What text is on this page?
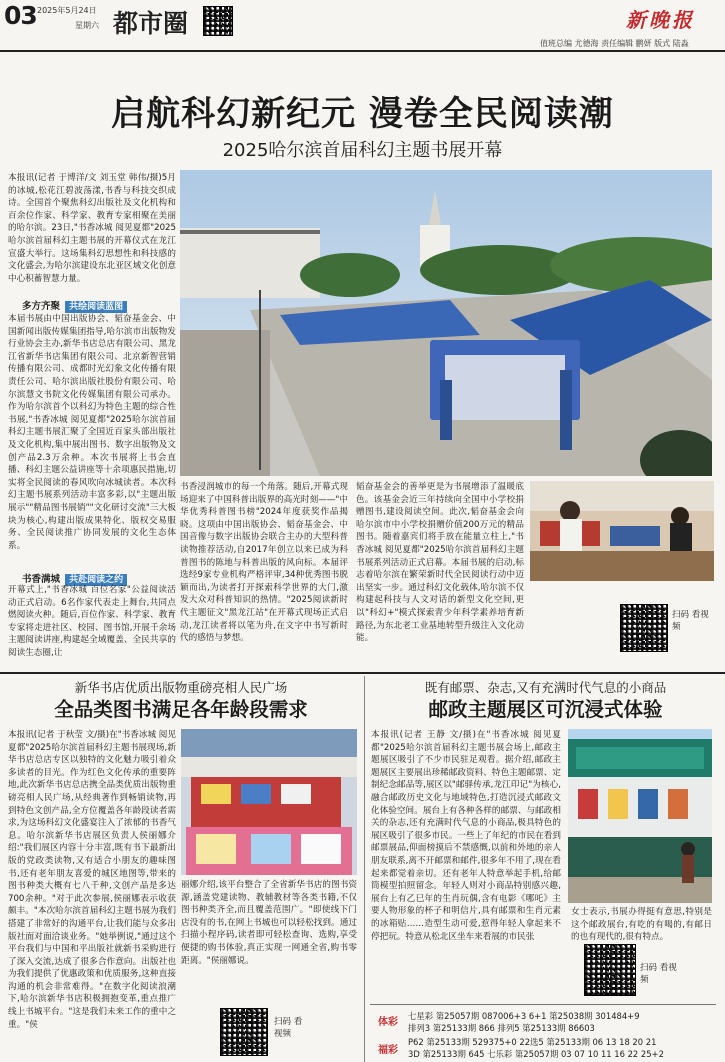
03 2025年5月24日
星期六 都市圈	新晚报
值班总编 尤德海 责任编辑 鹏妍 版式 陆淼
启航科幻新纪元 漫卷全民阅读潮
2025哈尔滨首届科幻主题书展开幕

本报讯(记者 于博洋/文 刘玉堂 韩伟/摄)5月的冰城,松花江碧波荡漾,书香与科技交织成诗。全国首个聚焦科幻出版社及文化机构和百余位作家、科学家、教育专家相聚在美丽的哈尔滨。23日,"书香冰城 阅见夏都"2025哈尔滨首届科幻主题书展的开幕仪式在龙江宣盛大举行。这场集科幻思想性和科技感的文化盛会,为哈尔滨建设东北亚区域文化创意中心积蓄智慧力量。

多方齐聚 共绘阅读蓝图

本届书展由中国出版协会、韬奋基金会、中国新闻出版传媒集团指导,哈尔滨市出版物发行业协会主办,新华书店总店有限公司、黑龙江省新华书店集团有限公司、北京新智营销传播有限公司、成都时光幻象文化传播有限责任公司、哈尔滨出版社股份有限公司、哈尔滨慧文书院文化传媒集团有限公司承办。作为哈尔滨首个以科幻为特色主题的综合性书展,"书香冰城 阅见夏都"2025哈尔滨首届科幻主题书展汇聚了全国近百家头部出版社及文化机构,集中展出图书、数字出版物及文创产品2.3万余种。本次书展将上书会直播、科幻主题公益讲座等十余项惠民措施,切实将全民阅读的春风吹向冰城读者。本次科幻主题书展系列活动丰富多彩,以"主题出版展示""精品图书展销""文化研讨交流"三大板块为核心,构建出版成果特化、版权交易服务、全民阅读推广协同发展的文化生态体系。

书香满城 共赴阅读之约

开幕式上,"书香冰城 百位名家"公益阅读活动正式启动。6名作家代表走上舞台,共同点燃阅读火种。随后,百位作家、科学家、教育专家将走进社区、校园、图书馆,开展千余场主题阅读讲座,构建起全域覆盖、全民共享的阅读生态圈,让

书香浸润城市的每一个角落。随后,开幕式现场迎来了中国科普出版界的高光时刻——"中华优秀科普图书榜"2024年度获奖作品揭晓。这项由中国出版协会、韬奋基金会、中国音像与数字出版协会联合主办的大型科普读物推荐活动,自2017年创立以来已成为科普图书的陈地与科普出版的风向标。本届评选经9家专业机构严格评审,34种优秀图书脱颖而出,为读者打开探索科学世界的大门,激发大众对科普知识的热情。"2025阅读新时代主题征文"黑龙江站"在开幕式现场正式启动,龙江读者将以笔为舟,在文字中书写新时代的感悟与梦想。

韬奋基金会的善举更是为书展增添了温暖底色。该基金会近三年持续向全国中小学校捐赠图书,建设阅读空间。此次,韬奋基金会向哈尔滨市中小学校捐赠价值200万元的精品图书。随着嘉宾们将手放在能量立柱上,"书香冰城 阅见夏都"2025哈尔滨首届科幻主题书展系列活动正式启幕。本届书展的启动,标志着哈尔滨在繁荣新时代全民阅读行动中迈出坚实一步。通过科幻文化载体,哈尔滨不仅构建起科技与人文对话的新型文化空间,更以"科幻+"模式探索青少年科学素养培育新路径,为东北老工业基地转型升级注入文化动能。

扫码 看视频
新华书店优质出版物重磅亮相人民广场
全品类图书满足各年龄段需求

本报讯(记者 于秋莹 文/摄)在"书香冰城 阅见夏都"2025哈尔滨首届科幻主题书展现场,新华书店总店专区以独特的文化魅力吸引着众多读者的目光。作为红色文化传承的重要阵地,此次新华书店总店携全品类优质出版物重磅亮相人民广场,从经典著作到畅销读物,再到特色文创产品,全方位覆盖各年龄段读者需求,为这场科幻文化盛宴注入了浓郁的书香气息。哈尔滨新华书店展区负责人侯丽娜介绍:"我们展区内容十分丰富,既有书下最新出版的党政类读物,又有适合小朋友的趣味图书,还有老年朋友喜爱的城区地图等,带来的图书种类大概有七八千种,文创产品是多达700余种。"对于此次参展,侯丽娜表示收获颇丰。"本次哈尔滨首届科幻主题书展为我们搭建了非常好的沟通平台,让我们能与众多出版社面对面洽谈业务。"她举例说,"通过这个平台我们与中国和平出版社就新书采购进行了深入交流,达成了很多合作意向。出版社也为我们提供了优惠政策和优质服务,这种直接沟通的机会非常难得。"在数字化阅读浪潮下,哈尔滨新华书店积极拥抱变革,重点推广线上书城平台。"这是我们未来工作的重中之重。"侯

丽娜介绍,该平台整合了全省新华书店的图书资源,涵盖党建读物、教辅教材等各类书籍,不仅图书种类齐全,而且覆盖范围广。"即使线下门店没有的书,在网上书城也可以轻松找到。通过扫描小程序码,读者即可轻松查询、选购,享受便捷的购书体验,真正实现一网通全省,购书零距离。"侯丽娜说。

扫码 看视频
既有邮票、杂志,又有充满时代气息的小商品
邮政主题展区可沉浸式体验

本报讯(记者 王静 文/摄)在"书香冰城 阅见夏都"2025哈尔滨首届科幻主题书展会场上,邮政主题展区吸引了不少市民驻足观看。据介绍,邮政主题展区主要展出珍稀邮政资料、特色主题邮票、定制纪念邮品等,展区以"邮驿传承,龙江印记"为核心,融合邮政历史文化与地域特色,打造沉浸式邮政文化体验空间。展台上有各种各样的邮票、与邮政相关的杂志,还有充满时代气息的小商品,极具特色的展区吸引了很多市民。一些上了年纪的市民在看到邮票展品,仰面榜摸后不禁感慨,以前和外地的亲人朋友联系,离不开邮票和邮件,很多年不用了,现在看起来都觉着亲切。还有老年人特意举起手机,给邮筒模型拍照留念。年轻人则对小商品特别感兴趣,展台上有乙巳年的生肖玩偶,含有电影《哪吒》主要人物形象的杯子和明信片,具有邮票和生肖元素的冰箱贴……造型生动可爱,惹得年轻人拿起来不停把玩。特意从松北区坐车来看展的市民张

女士表示,书展办得挺有意思,特别是这个邮政展台,有吃的有喝的,有邮日的也有现代的,很有特点。

扫码 看视频
体彩
七星彩 第25057期 087006+3 6+1 第25038期 301484+9
排列3 第25133期 866 排列5 第25133期 86603
福彩
P62 第25133期 529375+0 22选5 第25133期 06 13 18 20 21
3D 第25133期 645 七乐彩 第25057期 03 07 10 11 16 22 25+2
